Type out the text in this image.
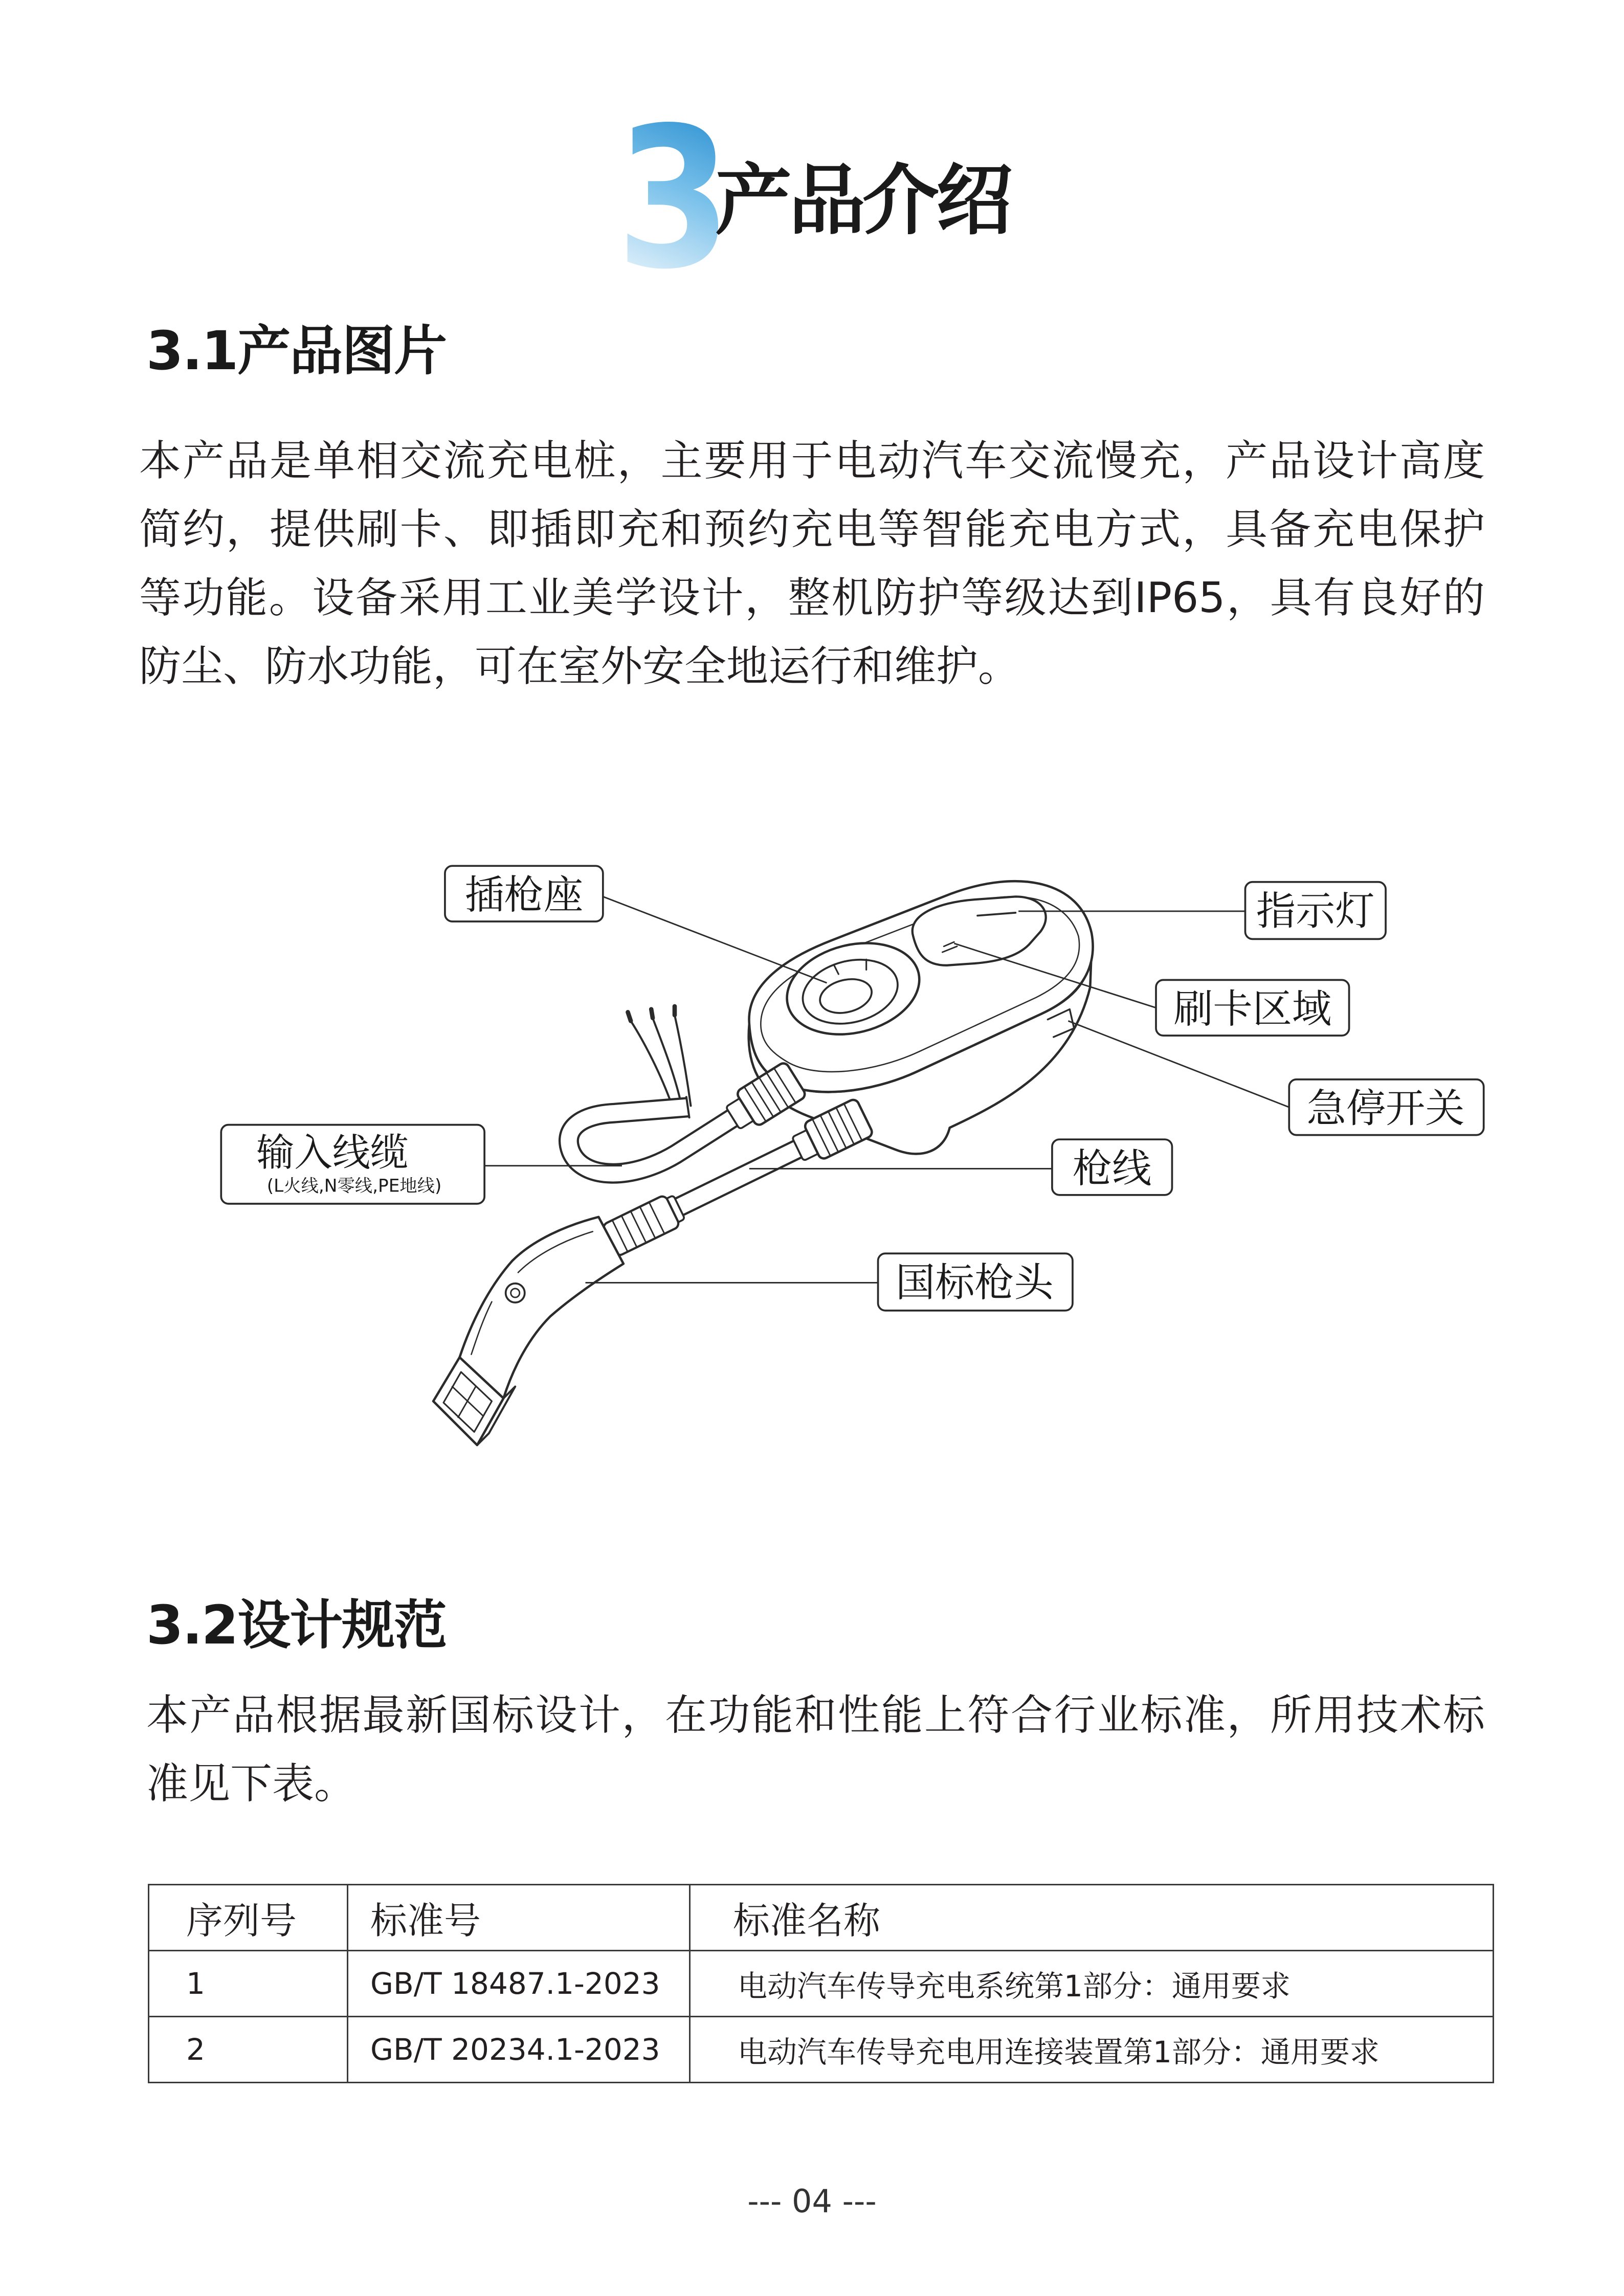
3
产品介绍
3.1产品图片
本产品是单相交流充电桩，主要用于电动汽车交流慢充，产品设计高度
简约，提供刷卡、即插即充和预约充电等智能充电方式，具备充电保护
等功能。设备采用工业美学设计，整机防护等级达到IP65，具有良好的
防尘、防水功能，可在室外安全地运行和维护。
插枪座	指示灯
刷卡区域
急停开关
输入线缆
(L火线,N零线,PE地线)	枪线
国标枪头
3.2设计规范
本产品根据最新国标设计，在功能和性能上符合行业标准，所用技术标
准见下表。
序列号	标准号	标准名称
1	GB/T 18487.1-2023	电动汽车传导充电系统第1部分：通用要求
2	GB/T 20234.1-2023	电动汽车传导充电用连接装置第1部分：通用要求
--- 04 ---
